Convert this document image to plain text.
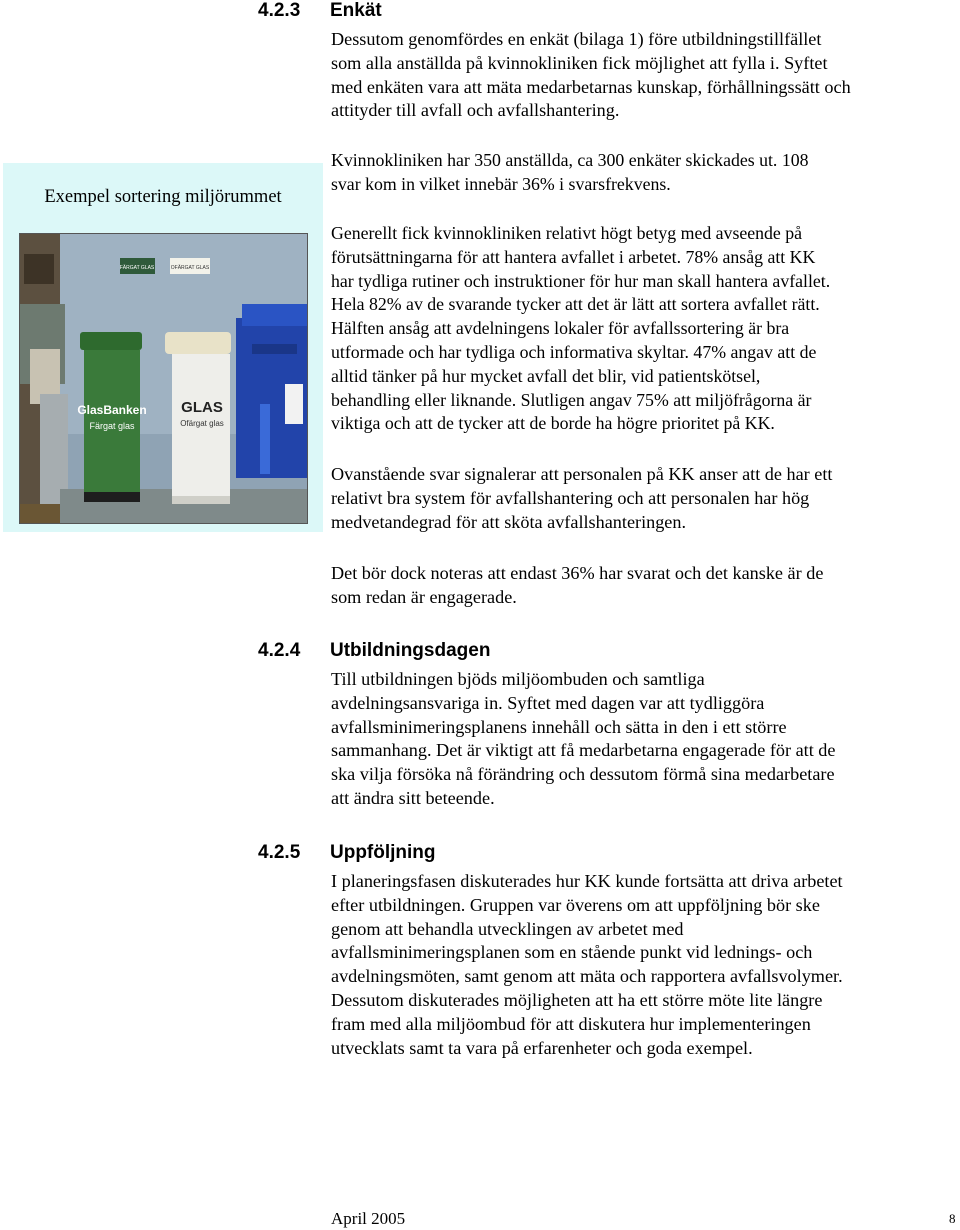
4.2.3 Enkät
Dessutom genomfördes en enkät (bilaga 1) före utbildningstillfället
som alla anställda på kvinnokliniken fick möjlighet att fylla i. Syftet
med enkäten vara att mäta medarbetarnas kunskap, förhållningssätt och
attityder till avfall och avfallshantering.
Kvinnokliniken har 350 anställda, ca 300 enkäter skickades ut. 108
svar kom in vilket innebär 36% i svarsfrekvens.
Generellt fick kvinnokliniken relativt högt betyg med avseende på
förutsättningarna för att hantera avfallet i arbetet. 78% ansåg att KK
har tydliga rutiner och instruktioner för hur man skall hantera avfallet.
Hela 82% av de svarande tycker att det är lätt att sortera avfallet rätt.
Hälften ansåg att avdelningens lokaler för avfallssortering är bra
utformade och har tydliga och informativa skyltar. 47% angav att de
alltid tänker på hur mycket avfall det blir, vid patientskötsel,
behandling eller liknande. Slutligen angav 75% att miljöfrågorna är
viktiga och att de tycker att de borde ha högre prioritet på KK.
Ovanstående svar signalerar att personalen på KK anser att de har ett
relativt bra system för avfallshantering och att personalen har hög
medvetandegrad för att sköta avfallshanteringen.
Det bör dock noteras att endast 36% har svarat och det kanske är de
som redan är engagerade.
Exempel sortering miljörummet
FÄRGAT GLAS	OFÄRGAT GLAS
GlasBanken
Färgat glas
GLAS
Ofärgat glas
4.2.4 Utbildningsdagen
Till utbildningen bjöds miljöombuden och samtliga
avdelningsansvariga in. Syftet med dagen var att tydliggöra
avfallsminimeringsplanens innehåll och sätta in den i ett större
sammanhang. Det är viktigt att få medarbetarna engagerade för att de
ska vilja försöka nå förändring och dessutom förmå sina medarbetare
att ändra sitt beteende.
4.2.5 Uppföljning
I planeringsfasen diskuterades hur KK kunde fortsätta att driva arbetet
efter utbildningen. Gruppen var överens om att uppföljning bör ske
genom att behandla utvecklingen av arbetet med
avfallsminimeringsplanen som en stående punkt vid lednings- och
avdelningsmöten, samt genom att mäta och rapportera avfallsvolymer.
Dessutom diskuterades möjligheten att ha ett större möte lite längre
fram med alla miljöombud för att diskutera hur implementeringen
utvecklats samt ta vara på erfarenheter och goda exempel.
April 2005	8
